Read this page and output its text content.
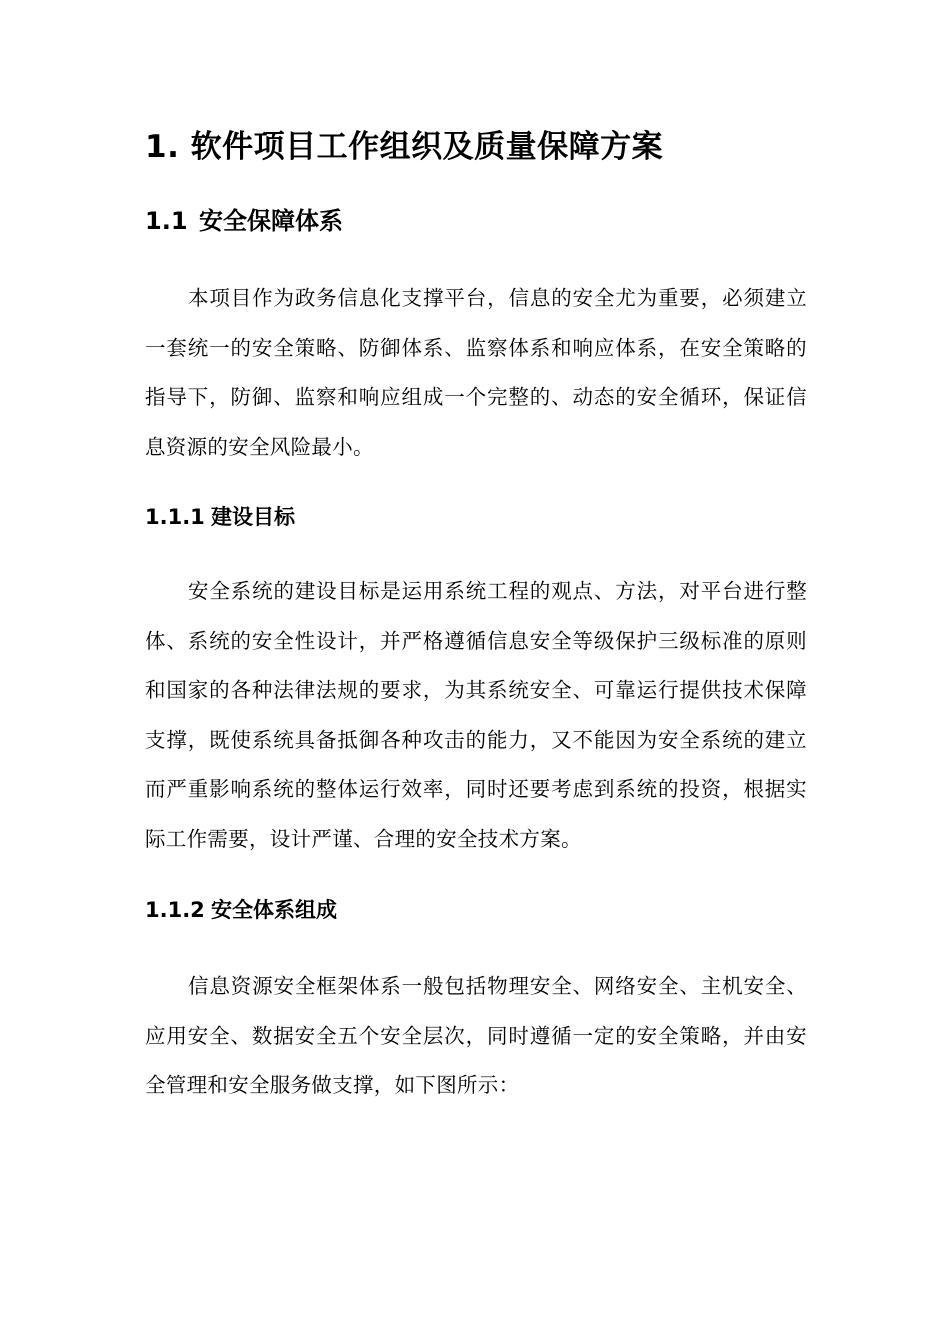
1. 软件项目工作组织及质量保障方案
1.1 安全保障体系

本项目作为政务信息化支撑平台，信息的安全尤为重要，必须建立一套统一的安全策略、防御体系、监察体系和响应体系，在安全策略的指导下，防御、监察和响应组成一个完整的、动态的安全循环，保证信息资源的安全风险最小。

1.1.1 建设目标

安全系统的建设目标是运用系统工程的观点、方法，对平台进行整体、系统的安全性设计，并严格遵循信息安全等级保护三级标准的原则和国家的各种法律法规的要求，为其系统安全、可靠运行提供技术保障支撑，既使系统具备抵御各种攻击的能力，又不能因为安全系统的建立而严重影响系统的整体运行效率，同时还要考虑到系统的投资，根据实际工作需要，设计严谨、合理的安全技术方案。

1.1.2 安全体系组成

信息资源安全框架体系一般包括物理安全、网络安全、主机安全、应用安全、数据安全五个安全层次，同时遵循一定的安全策略，并由安全管理和安全服务做支撑，如下图所示：
